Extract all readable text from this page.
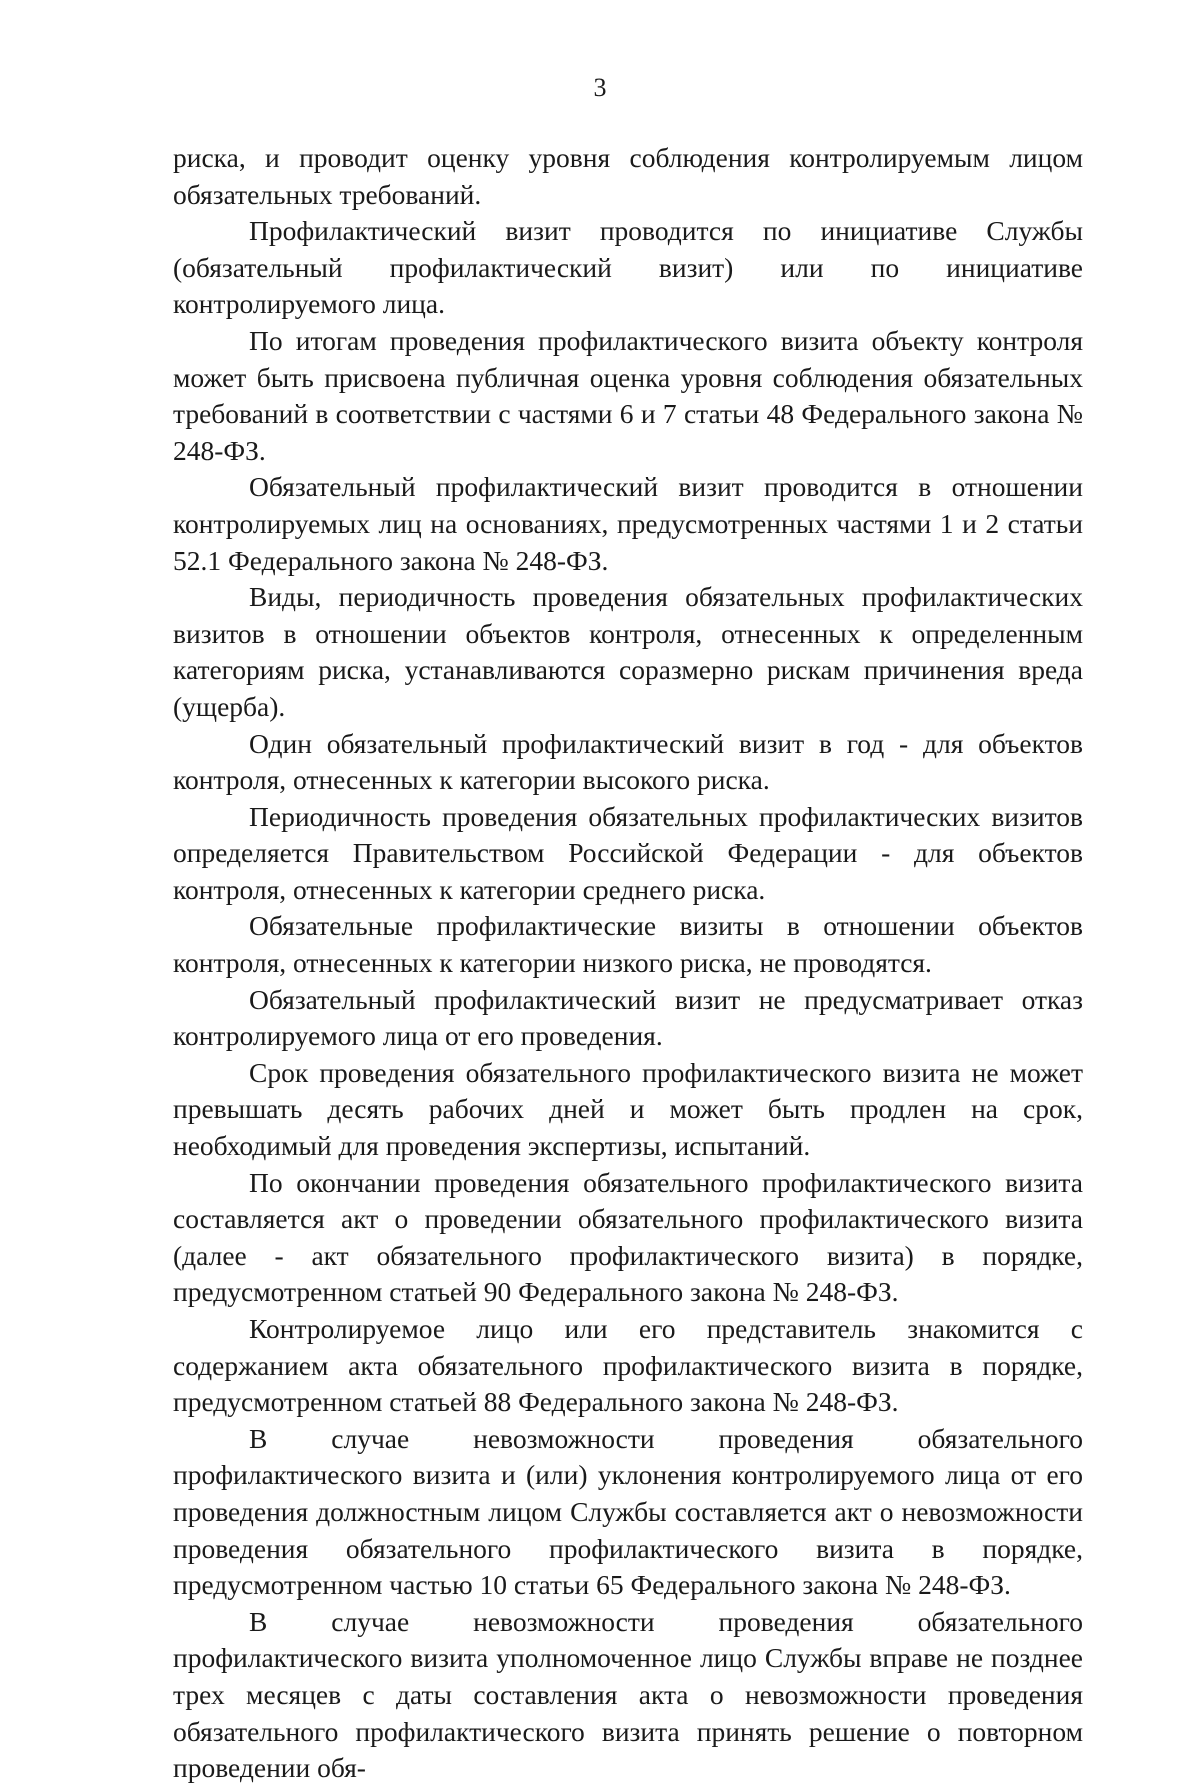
3

риска, и проводит оценку уровня соблюдения контролируемым лицом обязательных требований.

Профилактический визит проводится по инициативе Службы (обязательный профилактический визит) или по инициативе контролируемого лица.

По итогам проведения профилактического визита объекту контроля может быть присвоена публичная оценка уровня соблюдения обязательных требований в соответствии с частями 6 и 7 статьи 48 Федерального закона № 248-ФЗ.

Обязательный профилактический визит проводится в отношении контролируемых лиц на основаниях, предусмотренных частями 1 и 2 статьи 52.1 Федерального закона № 248-ФЗ.

Виды, периодичность проведения обязательных профилактических визитов в отношении объектов контроля, отнесенных к определенным категориям риска, устанавливаются соразмерно рискам причинения вреда (ущерба).

Один обязательный профилактический визит в год - для объектов контроля, отнесенных к категории высокого риска.

Периодичность проведения обязательных профилактических визитов определяется Правительством Российской Федерации - для объектов контроля, отнесенных к категории среднего риска.

Обязательные профилактические визиты в отношении объектов контроля, отнесенных к категории низкого риска, не проводятся.

Обязательный профилактический визит не предусматривает отказ контролируемого лица от его проведения.

Срок проведения обязательного профилактического визита не может превышать десять рабочих дней и может быть продлен на срок, необходимый для проведения экспертизы, испытаний.

По окончании проведения обязательного профилактического визита составляется акт о проведении обязательного профилактического визита (далее - акт обязательного профилактического визита) в порядке, предусмотренном статьей 90 Федерального закона № 248-ФЗ.

Контролируемое лицо или его представитель знакомится с содержанием акта обязательного профилактического визита в порядке, предусмотренном статьей 88 Федерального закона № 248-ФЗ.

В случае невозможности проведения обязательного профилактического визита и (или) уклонения контролируемого лица от его проведения должностным лицом Службы составляется акт о невозможности проведения обязательного профилактического визита в порядке, предусмотренном частью 10 статьи 65 Федерального закона № 248-ФЗ.

В случае невозможности проведения обязательного профилактического визита уполномоченное лицо Службы вправе не позднее трех месяцев с даты составления акта о невозможности проведения обязательного профилактического визита принять решение о повторном проведении обя-
